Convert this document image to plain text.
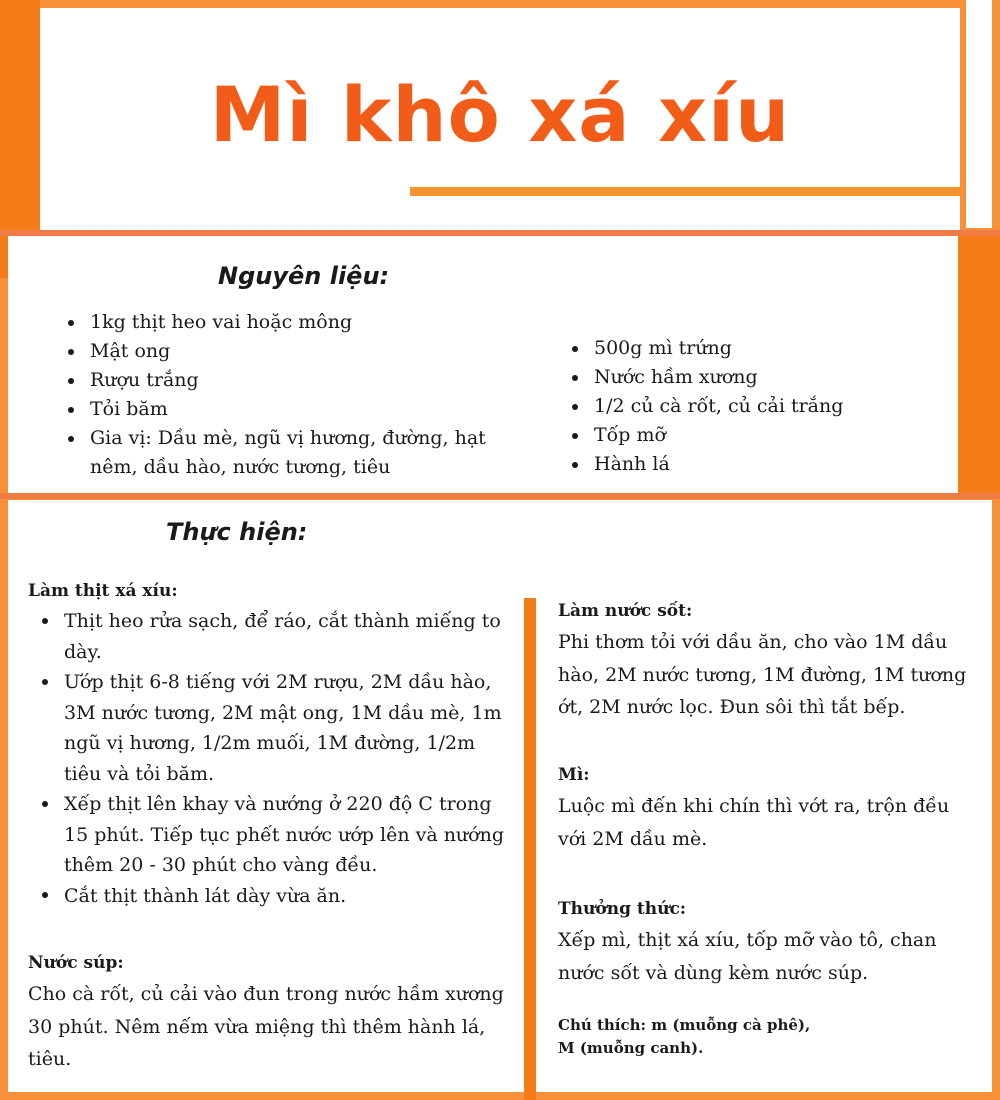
Mì khô xá xíu
Nguyên liệu:
1kg thịt heo vai hoặc mông
Mật ong
Rượu trắng
Tỏi băm
Gia vị: Dầu mè, ngũ vị hương, đường, hạt nêm, dầu hào, nước tương, tiêu
500g mì trứng
Nước hầm xương
1/2 củ cà rốt, củ cải trắng
Tốp mỡ
Hành lá
Thực hiện:

Làm thịt xá xíu:

Thịt heo rửa sạch, để ráo, cắt thành miếng to dày.
Ướp thịt 6-8 tiếng với 2M rượu, 2M dầu hào, 3M nước tương, 2M mật ong, 1M dầu mè, 1m ngũ vị hương, 1/2m muối, 1M đường, 1/2m tiêu và tỏi băm.
Xếp thịt lên khay và nướng ở 220 độ C trong 15 phút. Tiếp tục phết nước ướp lên và nướng thêm 20 - 30 phút cho vàng đều.
Cắt thịt thành lát dày vừa ăn.

Nước súp:

Cho cà rốt, củ cải vào đun trong nước hầm xương 30 phút. Nêm nếm vừa miệng thì thêm hành lá, tiêu.

Làm nước sốt:

Phi thơm tỏi với dầu ăn, cho vào 1M dầu hào, 2M nước tương, 1M đường, 1M tương ớt, 2M nước lọc. Đun sôi thì tắt bếp.

Mì:

Luộc mì đến khi chín thì vớt ra, trộn đều với 2M dầu mè.

Thưởng thức:

Xếp mì, thịt xá xíu, tốp mỡ vào tô, chan nước sốt và dùng kèm nước súp.

Chú thích: m (muỗng cà phê),
M (muỗng canh).
